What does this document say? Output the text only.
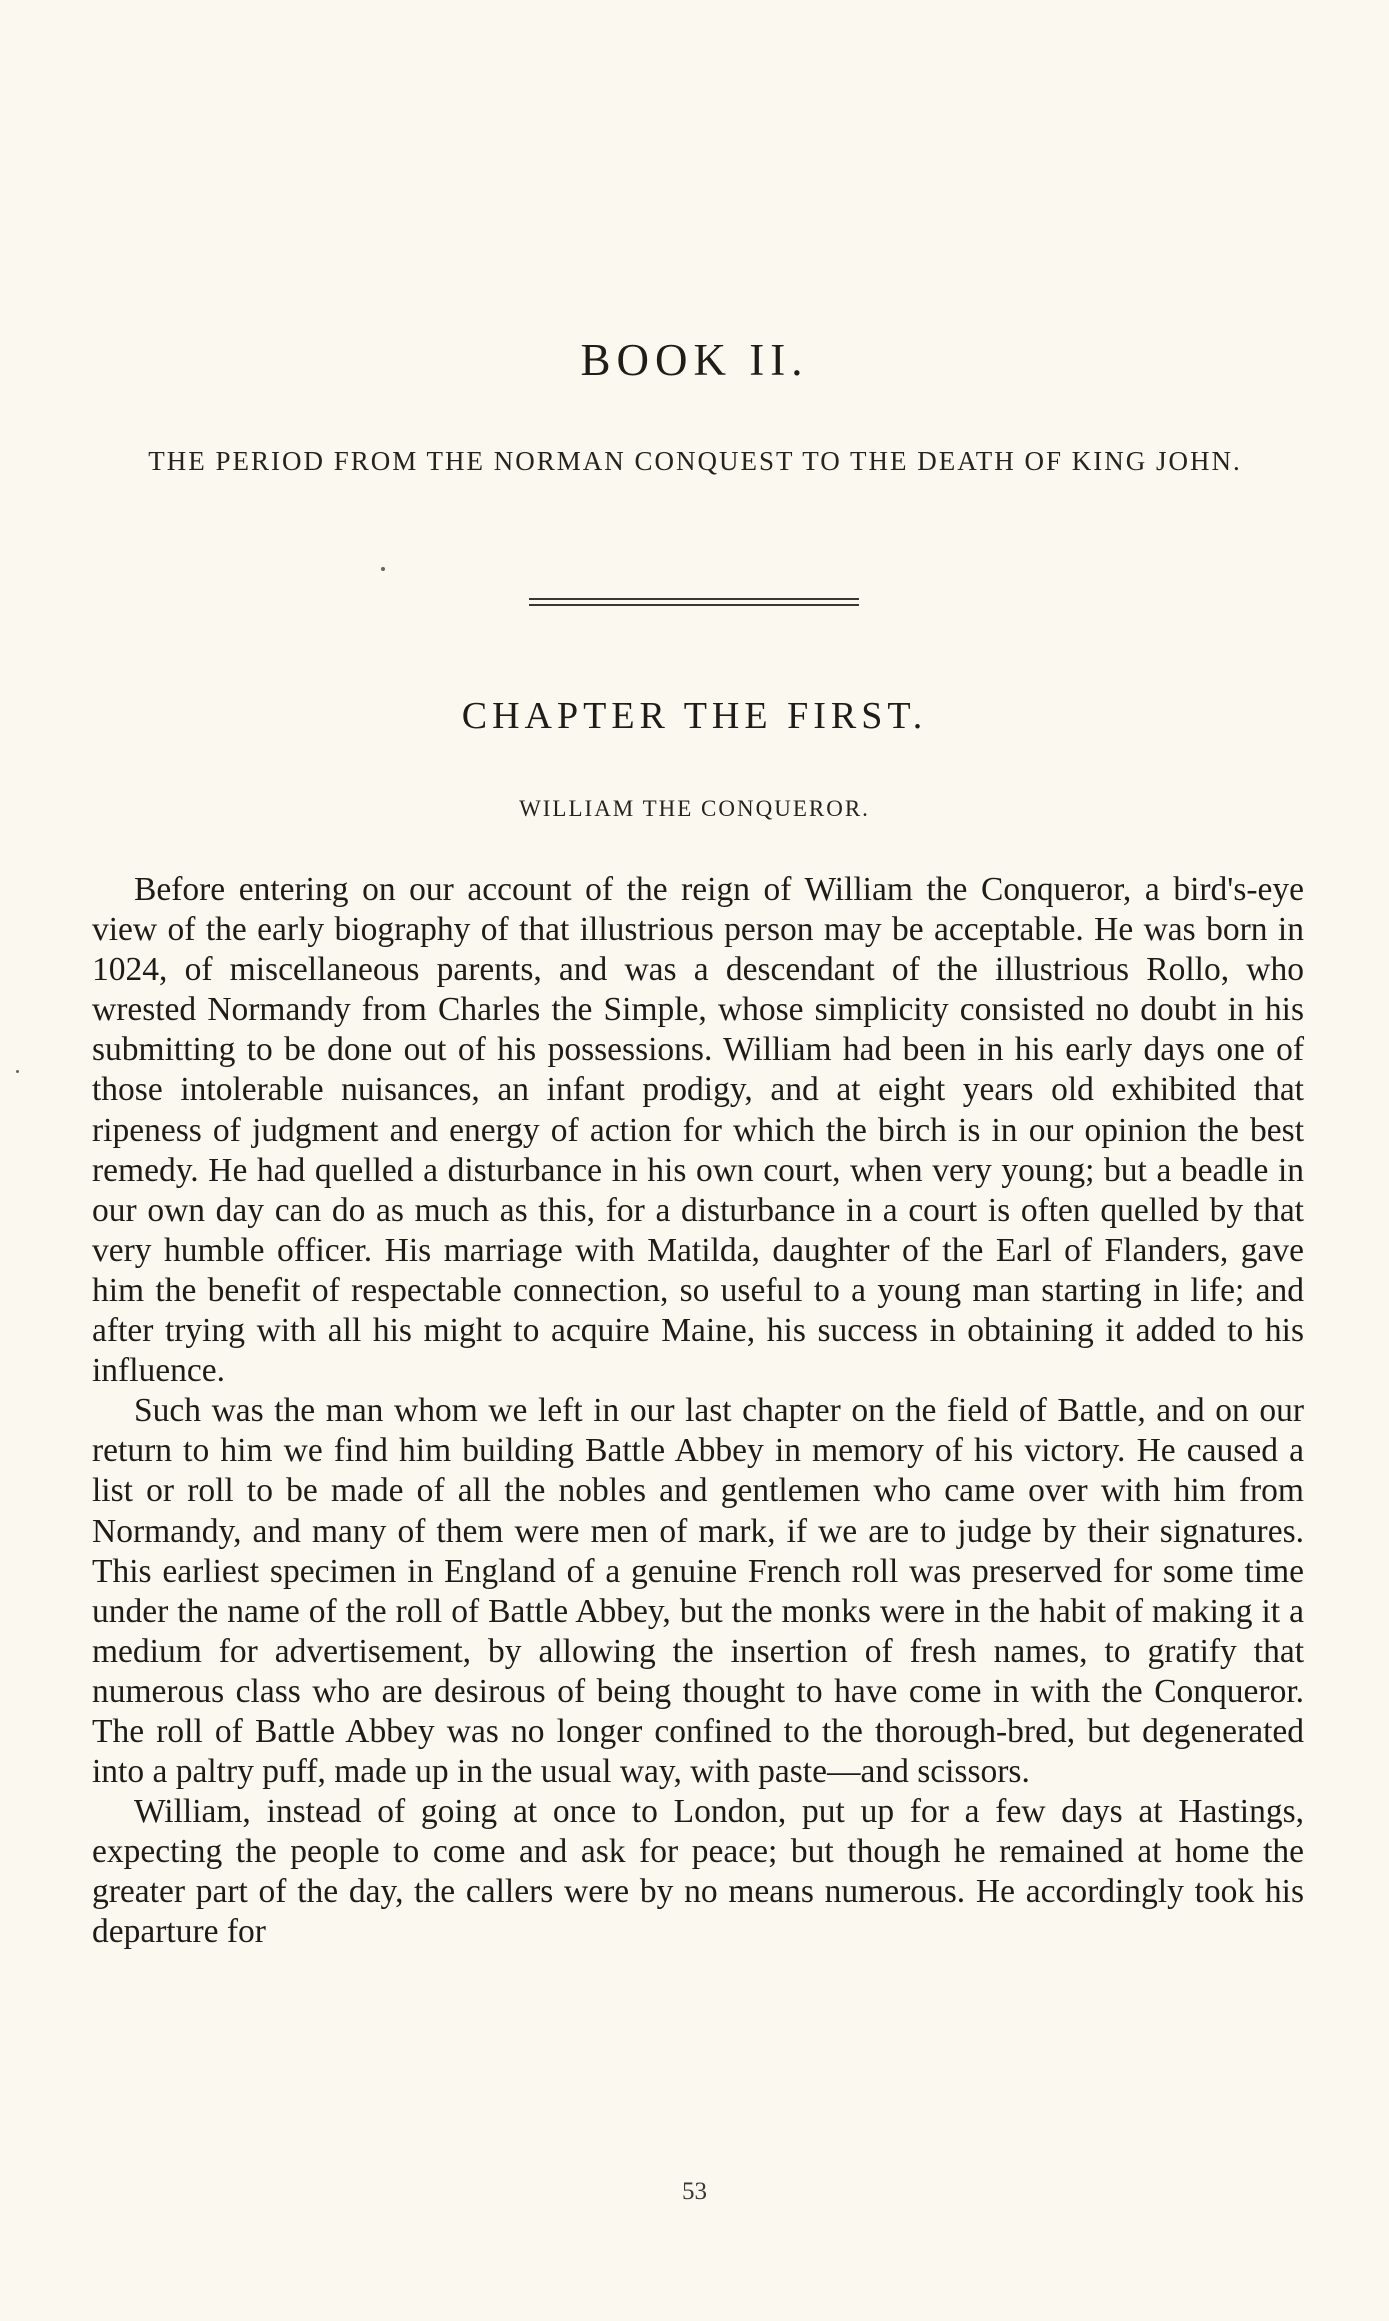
BOOK II.
THE PERIOD FROM THE NORMAN CONQUEST TO THE DEATH OF KING JOHN.
CHAPTER THE FIRST.
WILLIAM THE CONQUEROR.

Before entering on our account of the reign of William the Conqueror, a bird's-eye view of the early biography of that illustrious person may be acceptable. He was born in 1024, of miscellaneous parents, and was a descendant of the illustrious Rollo, who wrested Normandy from Charles the Simple, whose simplicity consisted no doubt in his submitting to be done out of his possessions. William had been in his early days one of those intolerable nuisances, an infant prodigy, and at eight years old exhibited that ripeness of judgment and energy of action for which the birch is in our opinion the best remedy. He had quelled a disturbance in his own court, when very young; but a beadle in our own day can do as much as this, for a disturbance in a court is often quelled by that very humble officer. His marriage with Matilda, daughter of the Earl of Flanders, gave him the benefit of respectable connection, so useful to a young man starting in life; and after trying with all his might to acquire Maine, his success in obtaining it added to his influence.

Such was the man whom we left in our last chapter on the field of Battle, and on our return to him we find him building Battle Abbey in memory of his victory. He caused a list or roll to be made of all the nobles and gentlemen who came over with him from Normandy, and many of them were men of mark, if we are to judge by their signatures. This earliest specimen in England of a genuine French roll was preserved for some time under the name of the roll of Battle Abbey, but the monks were in the habit of making it a medium for advertisement, by allowing the insertion of fresh names, to gratify that numerous class who are desirous of being thought to have come in with the Conqueror. The roll of Battle Abbey was no longer confined to the thorough-bred, but degenerated into a paltry puff, made up in the usual way, with paste—and scissors.

William, instead of going at once to London, put up for a few days at Hastings, expecting the people to come and ask for peace; but though he remained at home the greater part of the day, the callers were by no means numerous. He accordingly took his departure for

53
